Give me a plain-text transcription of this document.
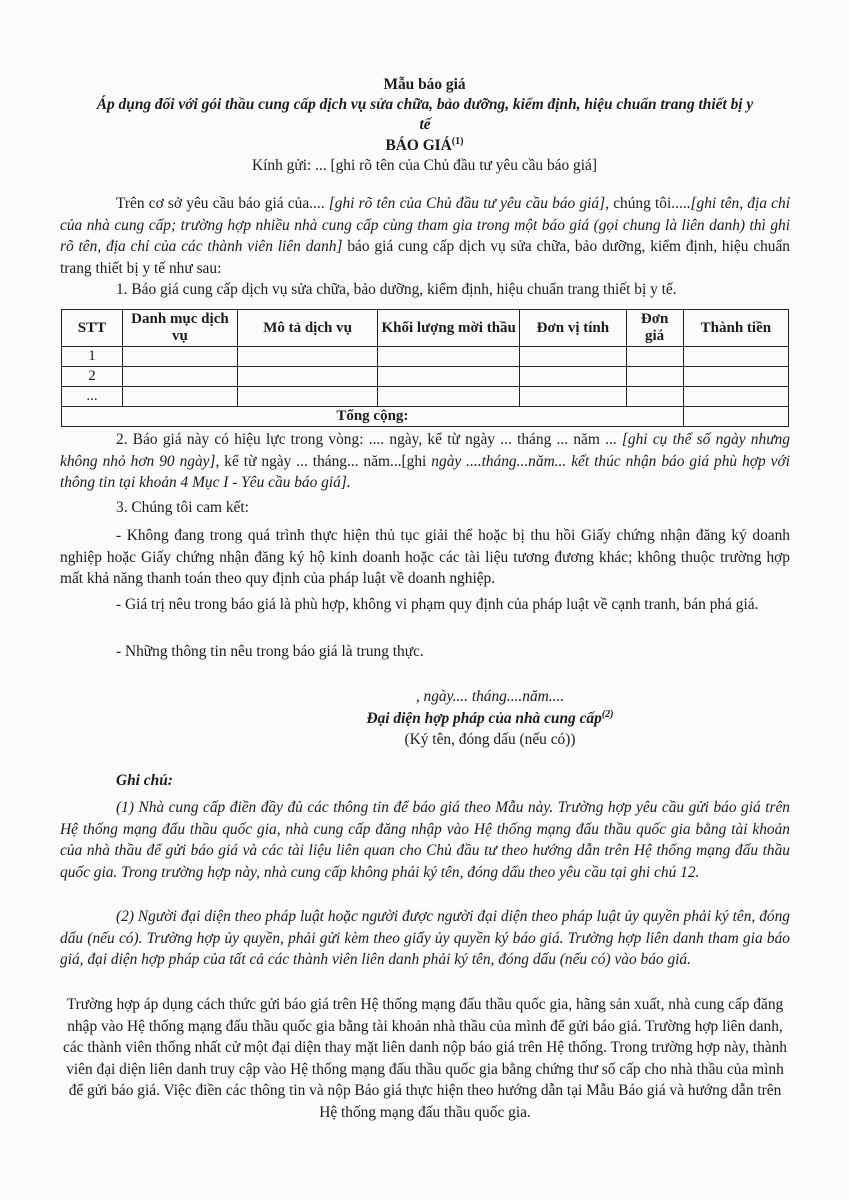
Mẫu báo giá
Áp dụng đối với gói thầu cung cấp dịch vụ sửa chữa, bảo dưỡng, kiểm định, hiệu chuẩn trang thiết bị y tế
BÁO GIÁ$^{(1)}$
Kính gửi: ... [ghi rõ tên của Chủ đầu tư yêu cầu báo giá]

Trên cơ sở yêu cầu báo giá của.... [ghi rõ tên của Chủ đầu tư yêu cầu báo giá], chúng tôi.....[ghi tên, địa chỉ của nhà cung cấp; trường hợp nhiều nhà cung cấp cùng tham gia trong một báo giá (gọi chung là liên danh) thì ghi rõ tên, địa chỉ của các thành viên liên danh] báo giá cung cấp dịch vụ sửa chữa, bảo dưỡng, kiểm định, hiệu chuẩn trang thiết bị y tế như sau:

1. Báo giá cung cấp dịch vụ sửa chữa, bảo dưỡng, kiểm định, hiệu chuẩn trang thiết bị y tế.

STT	Danh mục dịch vụ	Mô tả dịch vụ	Khối lượng mời thầu	Đơn vị tính	Đơn giá	Thành tiền
1						
2						
...						
Tổng cộng:						

2. Báo giá này có hiệu lực trong vòng: .... ngày, kể từ ngày ... tháng ... năm ... [ghi cụ thể số ngày nhưng không nhỏ hơn 90 ngày], kể từ ngày ... tháng... năm...[ghi ngày ....tháng...năm... kết thúc nhận báo giá phù hợp với thông tin tại khoản 4 Mục I - Yêu cầu báo giá].

3. Chúng tôi cam kết:

- Không đang trong quá trình thực hiện thủ tục giải thể hoặc bị thu hồi Giấy chứng nhận đăng ký doanh nghiệp hoặc Giấy chứng nhận đăng ký hộ kinh doanh hoặc các tài liệu tương đương khác; không thuộc trường hợp mất khả năng thanh toán theo quy định của pháp luật về doanh nghiệp.

- Giá trị nêu trong báo giá là phù hợp, không vi phạm quy định của pháp luật về cạnh tranh, bán phá giá.

- Những thông tin nêu trong báo giá là trung thực.

, ngày.... tháng....năm....
Đại diện hợp pháp của nhà cung cấp$^{(2)}$
(Ký tên, đóng dấu (nếu có))
Ghi chú:

(1) Nhà cung cấp điền đầy đủ các thông tin để báo giá theo Mẫu này. Trường hợp yêu cầu gửi báo giá trên Hệ thống mạng đấu thầu quốc gia, nhà cung cấp đăng nhập vào Hệ thống mạng đấu thầu quốc gia bằng tài khoản của nhà thầu để gửi báo giá và các tài liệu liên quan cho Chủ đầu tư theo hướng dẫn trên Hệ thống mạng đấu thầu quốc gia. Trong trường hợp này, nhà cung cấp không phải ký tên, đóng dấu theo yêu cầu tại ghi chú 12.

(2) Người đại diện theo pháp luật hoặc người được người đại diện theo pháp luật ủy quyền phải ký tên, đóng dấu (nếu có). Trường hợp ủy quyền, phải gửi kèm theo giấy ủy quyền ký báo giá. Trường hợp liên danh tham gia báo giá, đại diện hợp pháp của tất cả các thành viên liên danh phải ký tên, đóng dấu (nếu có) vào báo giá.

Trường hợp áp dụng cách thức gửi báo giá trên Hệ thống mạng đấu thầu quốc gia, hãng sản xuất, nhà cung cấp đăng nhập vào Hệ thống mạng đấu thầu quốc gia bằng tài khoản nhà thầu của mình để gửi báo giá. Trường hợp liên danh, các thành viên thống nhất cử một đại diện thay mặt liên danh nộp báo giá trên Hệ thống. Trong trường hợp này, thành viên đại diện liên danh truy cập vào Hệ thống mạng đấu thầu quốc gia bằng chứng thư số cấp cho nhà thầu của mình để gửi báo giá. Việc điền các thông tin và nộp Báo giá thực hiện theo hướng dẫn tại Mẫu Báo giá và hướng dẫn trên Hệ thống mạng đấu thầu quốc gia.
